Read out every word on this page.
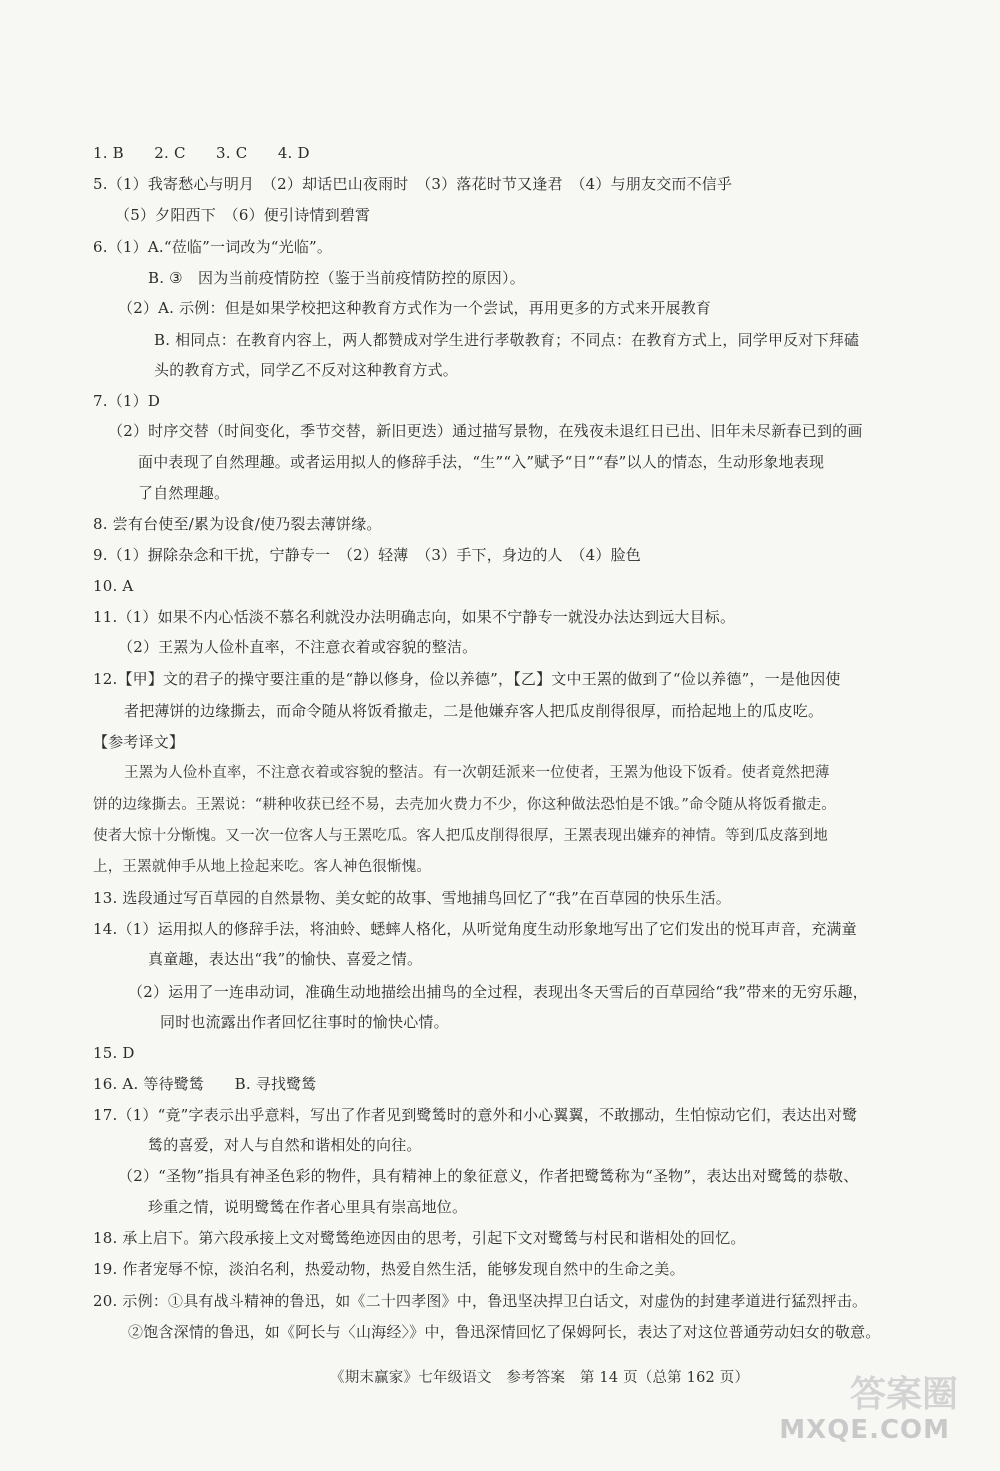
1. B　　2. C　　3. C　　4. D
5.（1）我寄愁心与明月　（2）却话巴山夜雨时　（3）落花时节又逢君　（4）与朋友交而不信乎
（5）夕阳西下　（6）便引诗情到碧霄
6.（1）A.“莅临”一词改为“光临”。
B. ③　因为当前疫情防控（鉴于当前疫情防控的原因）。
（2）A. 示例：但是如果学校把这种教育方式作为一个尝试，再用更多的方式来开展教育
B. 相同点：在教育内容上，两人都赞成对学生进行孝敬教育；不同点：在教育方式上，同学甲反对下拜磕
头的教育方式，同学乙不反对这种教育方式。
7.（1）D
（2）时序交替（时间变化，季节交替，新旧更迭）通过描写景物，在残夜未退红日已出、旧年未尽新春已到的画
面中表现了自然理趣。或者运用拟人的修辞手法，“生”“入”赋予“日”“春”以人的情态，生动形象地表现
了自然理趣。
8. 尝有台使至/累为设食/使乃裂去薄饼缘。
9.（1）摒除杂念和干扰，宁静专一　（2）轻薄　（3）手下，身边的人　（4）脸色
10. A
11.（1）如果不内心恬淡不慕名利就没办法明确志向，如果不宁静专一就没办法达到远大目标。
（2）王罴为人俭朴直率，不注意衣着或容貌的整洁。
12.【甲】文的君子的操守要注重的是“静以修身，俭以养德”，【乙】文中王罴的做到了“俭以养德”，一是他因使
者把薄饼的边缘撕去，而命令随从将饭肴撤走，二是他嫌弃客人把瓜皮削得很厚，而拾起地上的瓜皮吃。
【参考译文】
王罴为人俭朴直率，不注意衣着或容貌的整洁。有一次朝廷派来一位使者，王罴为他设下饭肴。使者竟然把薄
饼的边缘撕去。王罴说：“耕种收获已经不易，去壳加火费力不少，你这种做法恐怕是不饿。”命令随从将饭肴撤走。
使者大惊十分惭愧。又一次一位客人与王罴吃瓜。客人把瓜皮削得很厚，王罴表现出嫌弃的神情。等到瓜皮落到地
上，王罴就伸手从地上捡起来吃。客人神色很惭愧。
13. 选段通过写百草园的自然景物、美女蛇的故事、雪地捕鸟回忆了“我”在百草园的快乐生活。
14.（1）运用拟人的修辞手法，将油蛉、蟋蟀人格化，从听觉角度生动形象地写出了它们发出的悦耳声音，充满童
真童趣，表达出“我”的愉快、喜爱之情。
（2）运用了一连串动词，准确生动地描绘出捕鸟的全过程，表现出冬天雪后的百草园给“我”带来的无穷乐趣，
同时也流露出作者回忆往事时的愉快心情。
15. D
16. A. 等待鹭鸶　　B. 寻找鹭鸶
17.（1）“竟”字表示出乎意料，写出了作者见到鹭鸶时的意外和小心翼翼，不敢挪动，生怕惊动它们，表达出对鹭
鸶的喜爱，对人与自然和谐相处的向往。
（2）“圣物”指具有神圣色彩的物件，具有精神上的象征意义，作者把鹭鸶称为“圣物”，表达出对鹭鸶的恭敬、
珍重之情，说明鹭鸶在作者心里具有崇高地位。
18. 承上启下。第六段承接上文对鹭鸶绝迹因由的思考，引起下文对鹭鸶与村民和谐相处的回忆。
19. 作者宠辱不惊，淡泊名利，热爱动物，热爱自然生活，能够发现自然中的生命之美。
20. 示例：①具有战斗精神的鲁迅，如《二十四孝图》中，鲁迅坚决捍卫白话文，对虚伪的封建孝道进行猛烈抨击。
②饱含深情的鲁迅，如《阿长与〈山海经〉》中，鲁迅深情回忆了保姆阿长，表达了对这位普通劳动妇女的敬意。
《期末赢家》七年级语文　参考答案　第 14 页（总第 162 页）	答案圈
MXQE.COM
